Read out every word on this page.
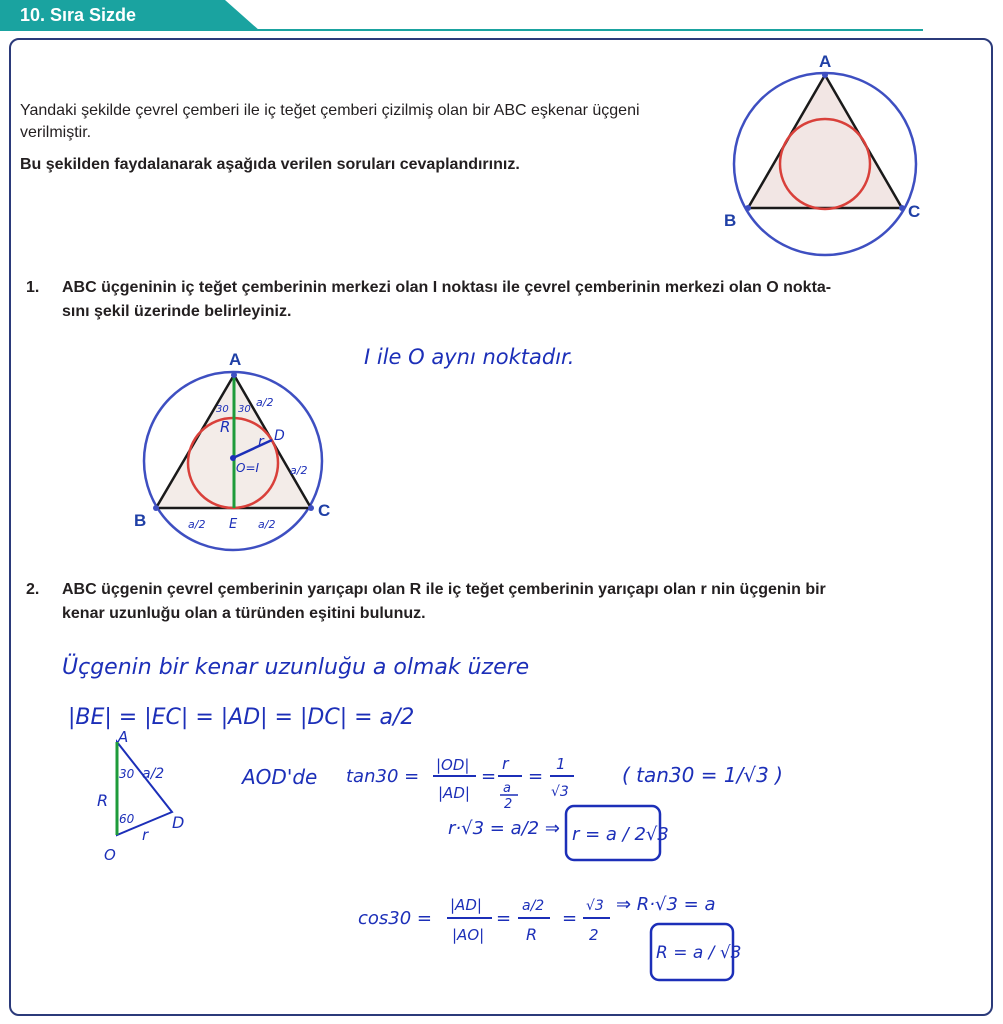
10. Sıra Sizde
Yandaki şekilde çevrel çemberi ile iç teğet çemberi çizilmiş olan bir ABC eşkenar üçgeni verilmiştir.
Bu şekilden faydalanarak aşağıda verilen soruları cevaplandırınız.
1. ABC üçgeninin iç teğet çemberinin merkezi olan I noktası ile çevrel çemberinin merkezi olan O nokta-
sını şekil üzerinde belirleyiniz.
2. ABC üçgenin çevrel çemberinin yarıçapı olan R ile iç teğet çemberinin yarıçapı olan r nin üçgenin bir
kenar uzunluğu olan a türünden eşitini bulunuz.
A
B	C
A
B
C
30 30
R
r D
O=I
E
a/2
a/2
a/2	a/2
I ile O aynı noktadır.
Üçgenin bir kenar uzunluğu a olmak üzere
|BE| = |EC| = |AD| = |DC| = a/2
A
30 a/2
R
60
r
D
O
AOD'de tan30 =
|OD|
|AD|
=
r
a
2
=
1
√3
( tan30 = 1/√3 )
r·√3 = a/2 ⇒ r = a / 2√3
cos30 =
|AD|
|AO|
=
a/2
R
=
√3
2
⇒ R·√3 = a
R = a / √3
